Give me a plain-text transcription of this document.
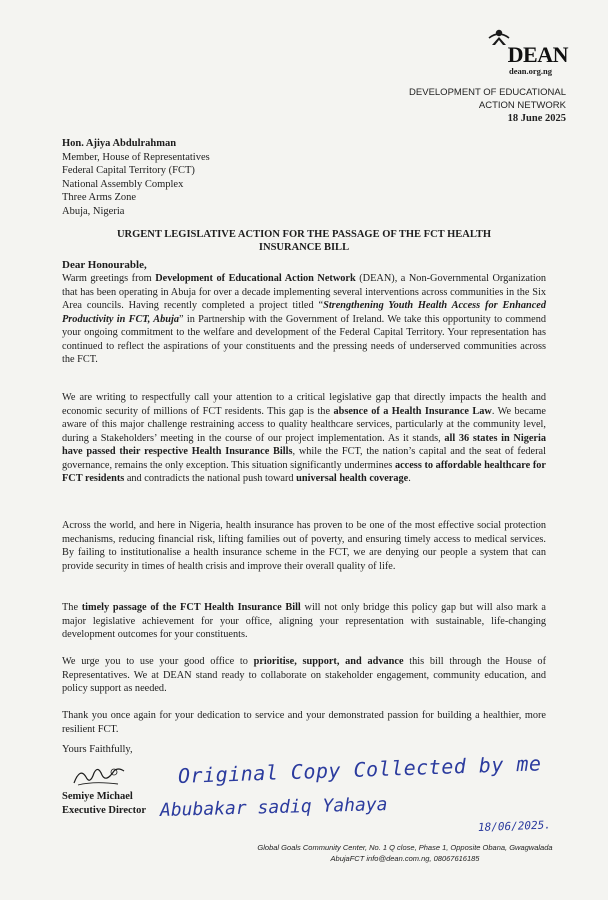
DEAN
dean.org.ng
DEVELOPMENT OF EDUCATIONAL
ACTION NETWORK
18 June 2025
Hon. Ajiya Abdulrahman
Member, House of Representatives
Federal Capital Territory (FCT)
National Assembly Complex
Three Arms Zone
Abuja, Nigeria
URGENT LEGISLATIVE ACTION FOR THE PASSAGE OF THE FCT HEALTH
INSURANCE BILL
Dear Honourable,

Warm greetings from Development of Educational Action Network (DEAN), a Non-Governmental Organization that has been operating in Abuja for over a decade implementing several interventions across communities in the Six Area councils. Having recently completed a project titled “Strengthening Youth Health Access for Enhanced Productivity in FCT, Abuja” in Partnership with the Government of Ireland. We take this opportunity to commend your ongoing commitment to the welfare and development of the Federal Capital Territory. Your representation has continued to reflect the aspirations of your constituents and the pressing needs of underserved communities across the FCT.

We are writing to respectfully call your attention to a critical legislative gap that directly impacts the health and economic security of millions of FCT residents. This gap is the absence of a Health Insurance Law. We became aware of this major challenge restraining access to quality healthcare services, particularly at the community level, during a Stakeholders’ meeting in the course of our project implementation. As it stands, all 36 states in Nigeria have passed their respective Health Insurance Bills, while the FCT, the nation’s capital and the seat of federal governance, remains the only exception. This situation significantly undermines access to affordable healthcare for FCT residents and contradicts the national push toward universal health coverage.

Across the world, and here in Nigeria, health insurance has proven to be one of the most effective social protection mechanisms, reducing financial risk, lifting families out of poverty, and ensuring timely access to medical services. By failing to institutionalise a health insurance scheme in the FCT, we are denying our people a system that can provide security in times of health crisis and improve their overall quality of life.

The timely passage of the FCT Health Insurance Bill will not only bridge this policy gap but will also mark a major legislative achievement for your office, aligning your representation with sustainable, life-changing development outcomes for your constituents.

We urge you to use your good office to prioritise, support, and advance this bill through the House of Representatives. We at DEAN stand ready to collaborate on stakeholder engagement, community education, and policy support as needed.

Thank you once again for your dedication to service and your demonstrated passion for building a healthier, more resilient FCT.

Yours Faithfully,
Semiye Michael
Executive Director
Original Copy Collected by me
Abubakar sadiq Yahaya
18/06/2025.
Global Goals Community Center, No. 1 Q close, Phase 1, Opposite Obana, Gwagwalada
AbujaFCT info@dean.com.ng, 08067616185
